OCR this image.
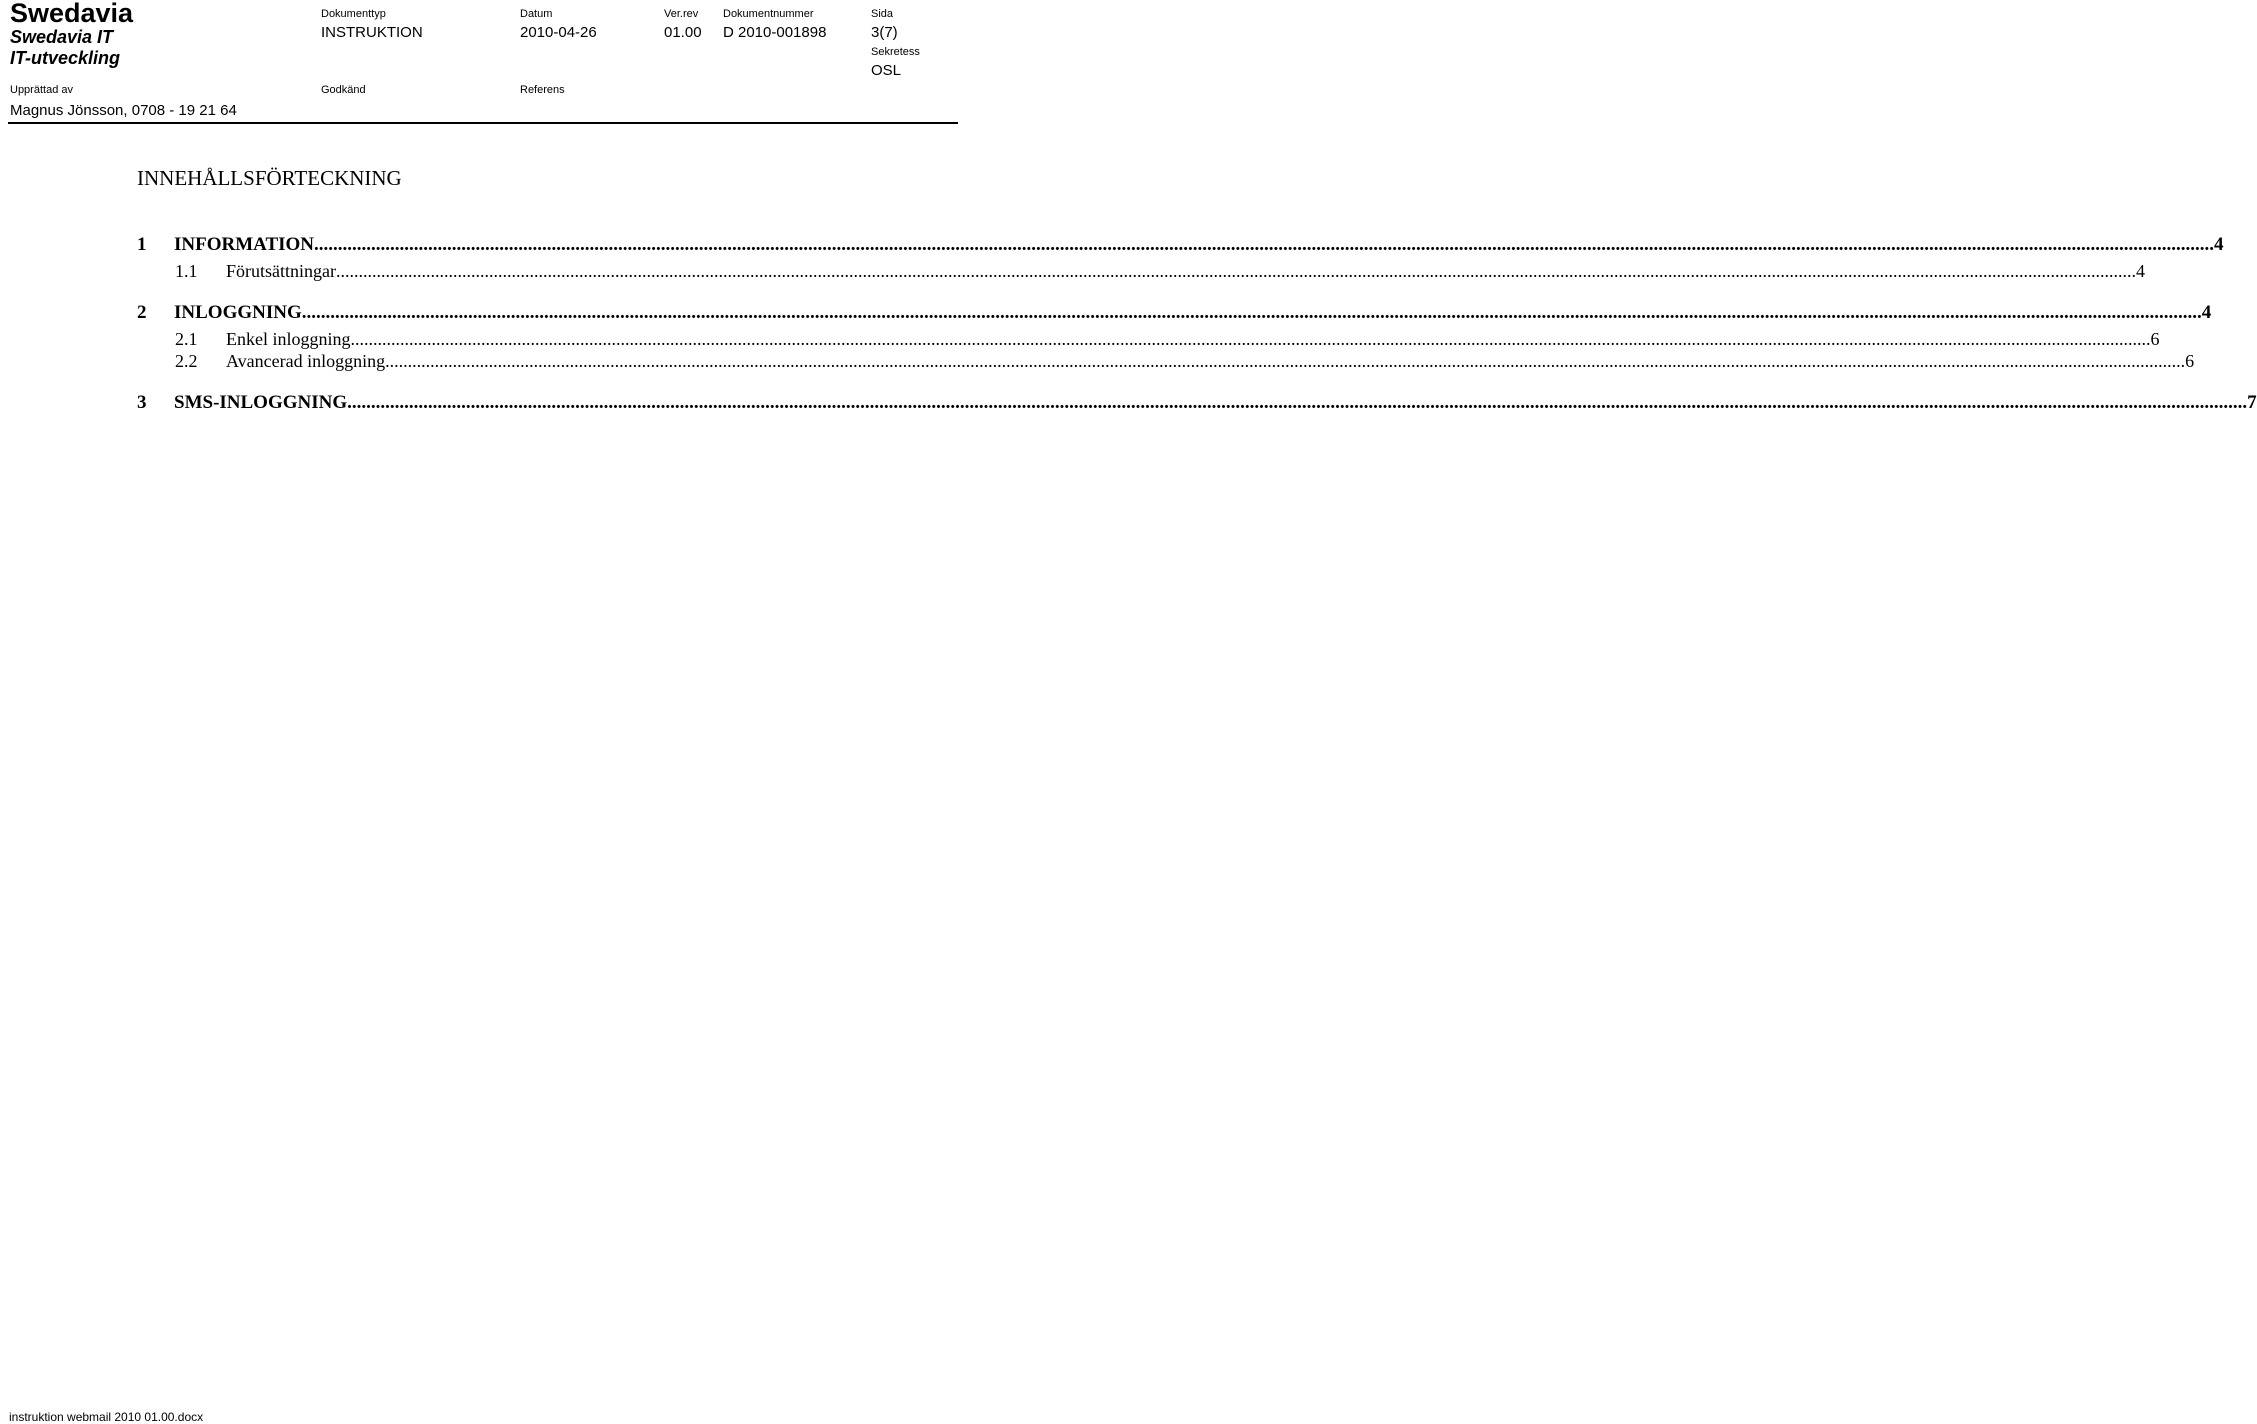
Swedavia
Swedavia IT
IT-utveckling
Dokumenttyp	Datum	Ver.rev Dokumentnummer	Sida
INSTRUKTION	2010-04-26	01.00 D 2010-001898	3(7)
Sekretess
OSL
Upprättad av	Godkänd	Referens
Magnus Jönsson, 0708 - 19 21 64
INNEHÅLLSFÖRTECKNING
1	INFORMATION ................................................................................................................................................................................................................................................................................................................................................................................................................ 4
1.1	Förutsättningar ................................................................................................................................................................................................................................................................................................................................................................................................................ 4
2	INLOGGNING ................................................................................................................................................................................................................................................................................................................................................................................................................ 4
2.1	Enkel inloggning ................................................................................................................................................................................................................................................................................................................................................................................................................ 6
2.2	Avancerad inloggning ................................................................................................................................................................................................................................................................................................................................................................................................................ 6
3	SMS-INLOGGNING ................................................................................................................................................................................................................................................................................................................................................................................................................ 7
instruktion webmail 2010 01.00.docx
